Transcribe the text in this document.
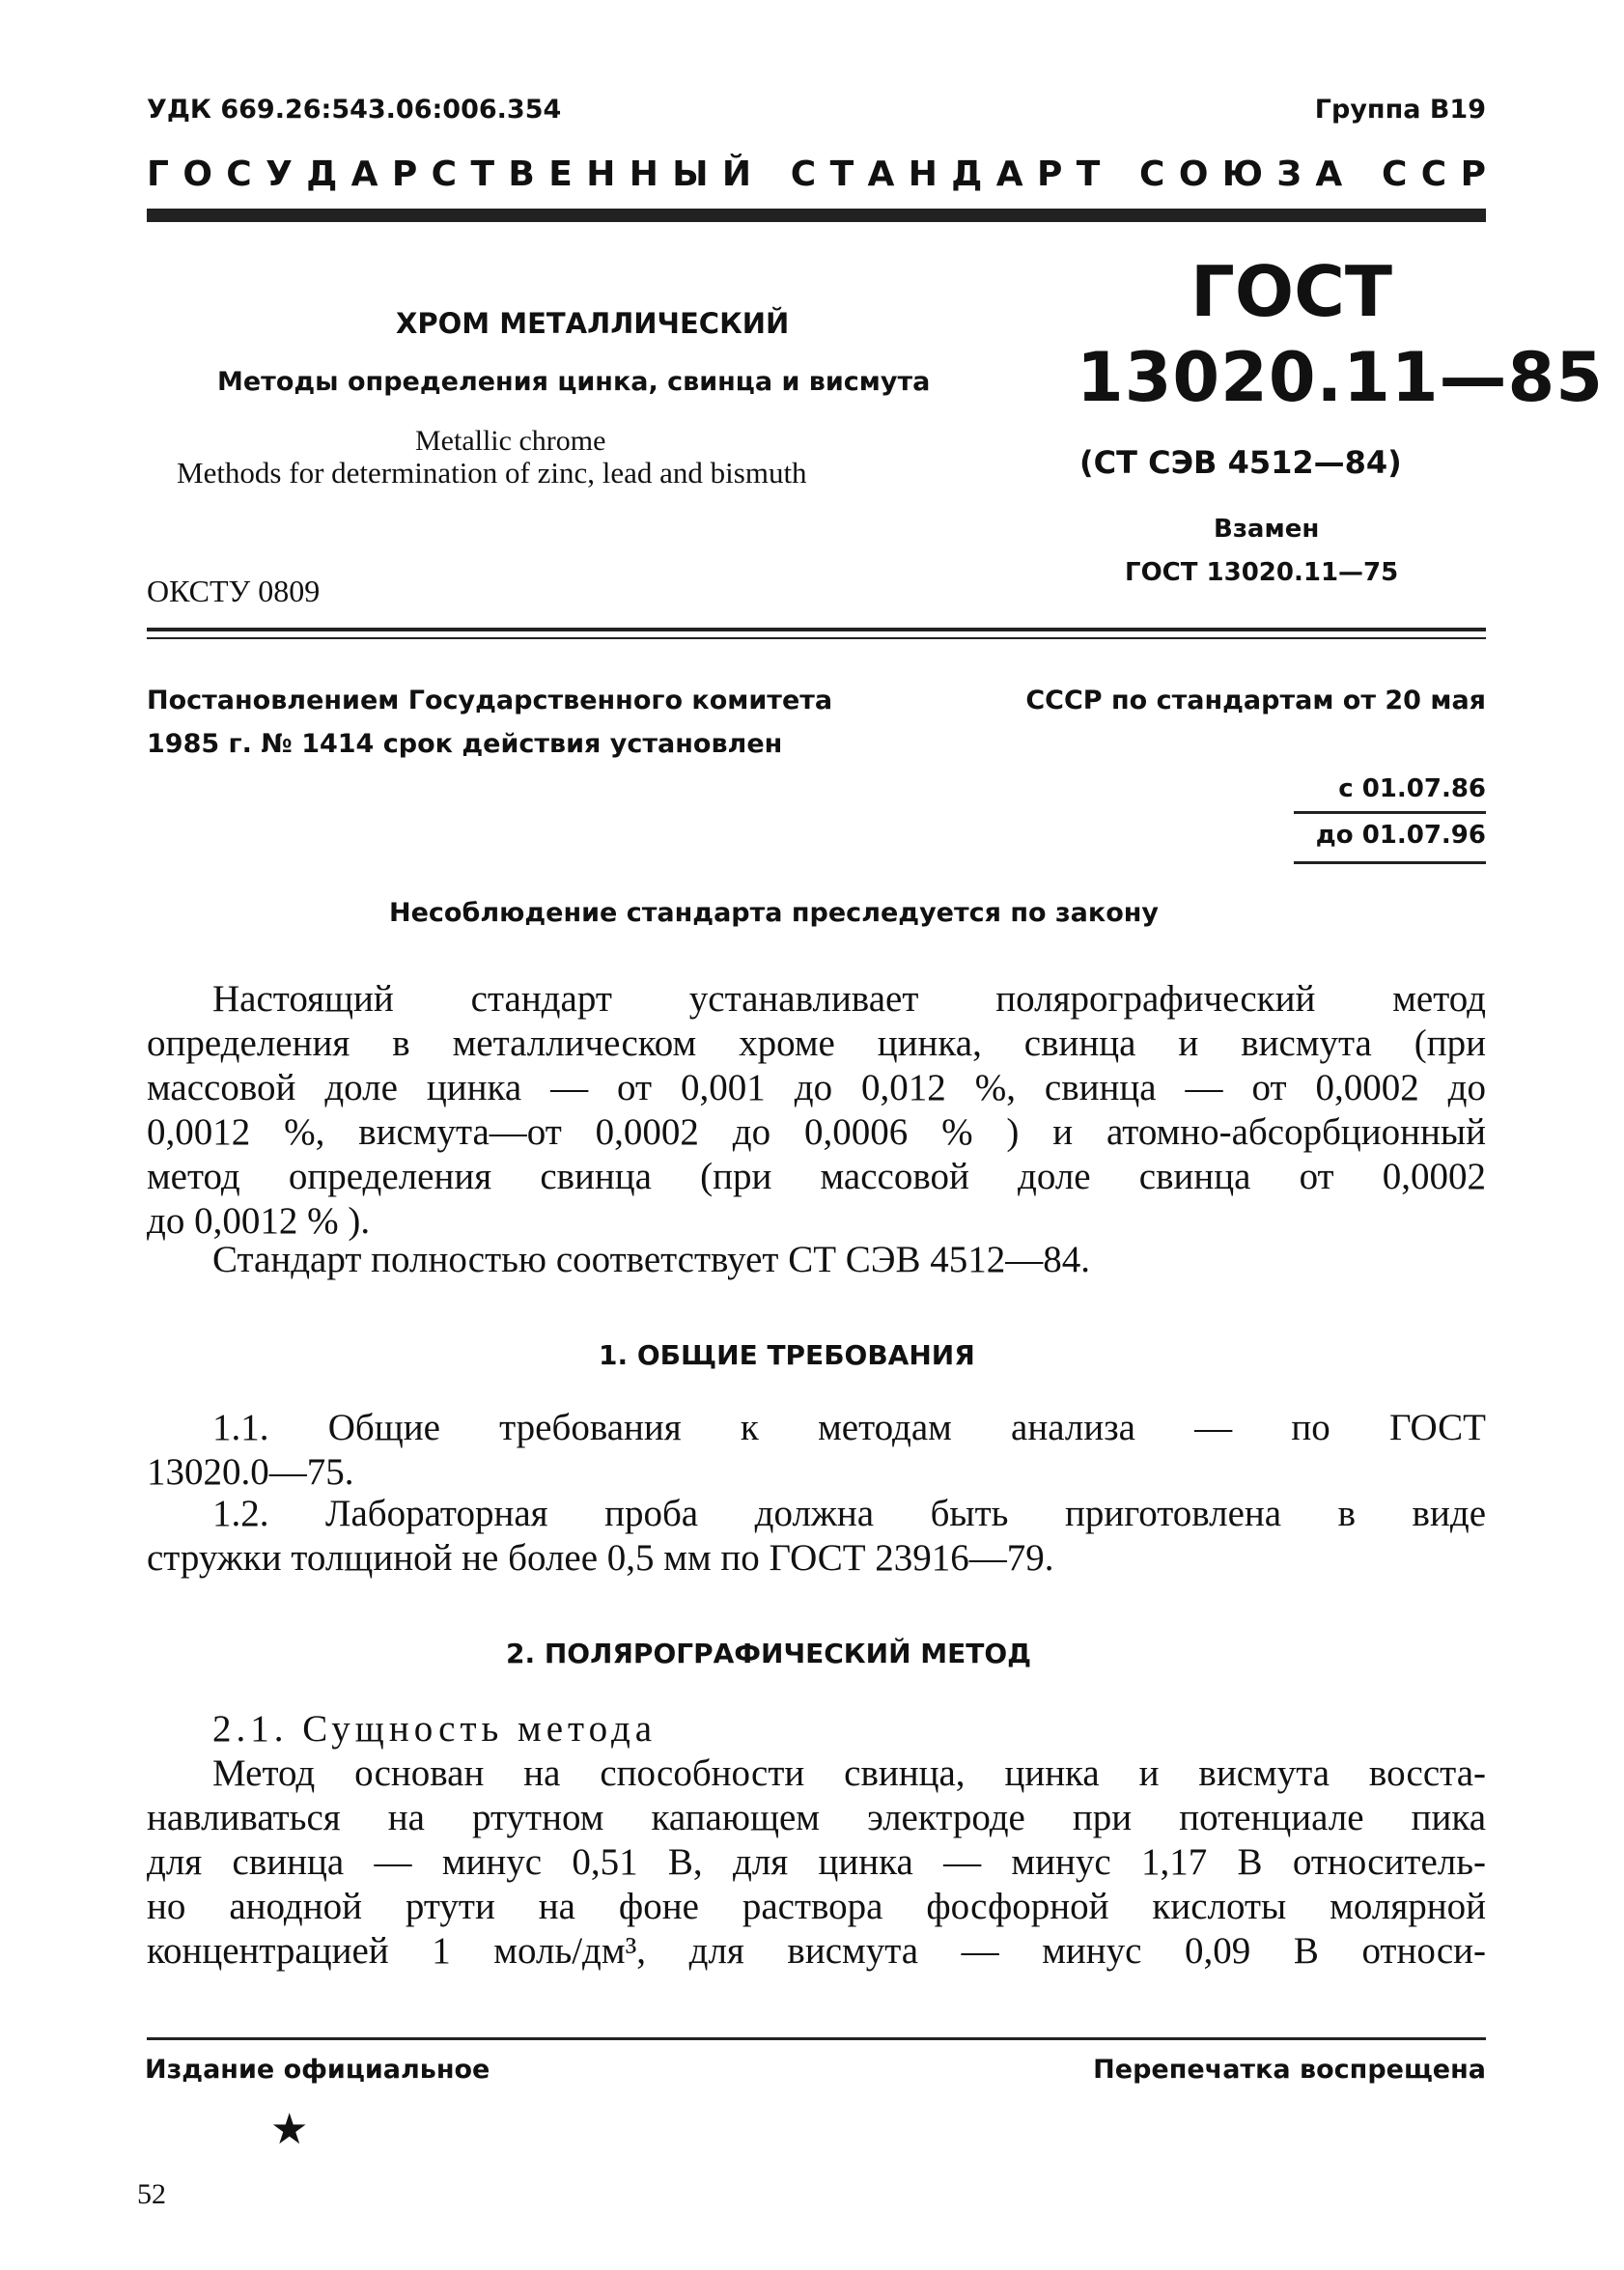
УДК 669.26:543.06:006.354	Группа В19
Г  О  С  У  Д  А  Р  С  Т  В  Е  Н  Н  Ы  Й С  Т  А  Н  Д  А  Р  Т С  О  Ю  З  А С  С  Р
ХРОМ МЕТАЛЛИЧЕСКИЙ
Методы определения цинка, свинца и висмута
Metallic chrome
Methods for determination of zinc, lead and bismuth
ОКСТУ 0809
ГОСТ
13020.11—85
(СТ СЭВ 4512—84)
Взамен
ГОСТ 13020.11—75
Постановлением Государственного комитета	СССР по стандартам от 20 мая
1985 г. № 1414 срок действия установлен
с 01.07.86
до 01.07.96
Несоблюдение стандарта преследуется по закону
Настоящий стандарт устанавливает полярографический метод
определения в металлическом хроме цинка, свинца и висмута (при
массовой доле цинка — от 0,001 до 0,012 %, свинца — от 0,0002 до
0,0012 %, висмута—от 0,0002 до 0,0006 % ) и атомно-абсорбционный
метод определения свинца (при массовой доле свинца от 0,0002
до 0,0012 % ).
Стандарт полностью соответствует СТ СЭВ 4512—84.
1. ОБЩИЕ ТРЕБОВАНИЯ
1.1. Общие требования к методам анализа — по ГОСТ
13020.0—75.
1.2. Лабораторная проба должна быть приготовлена в виде
стружки толщиной не более 0,5 мм по ГОСТ 23916—79.
2. ПОЛЯРОГРАФИЧЕСКИЙ МЕТОД
2.1. Сущность метода
Метод основан на способности свинца, цинка и висмута восста-
навливаться на ртутном капающем электроде при потенциале пика
для свинца — минус 0,51 В, для цинка — минус 1,17 В относитель-
но анодной ртути на фоне раствора фосфорной кислоты молярной
концентрацией 1 моль/дм³, для висмута — минус 0,09 В относи-
Издание официальное	Перепечатка воспрещена
★
52
